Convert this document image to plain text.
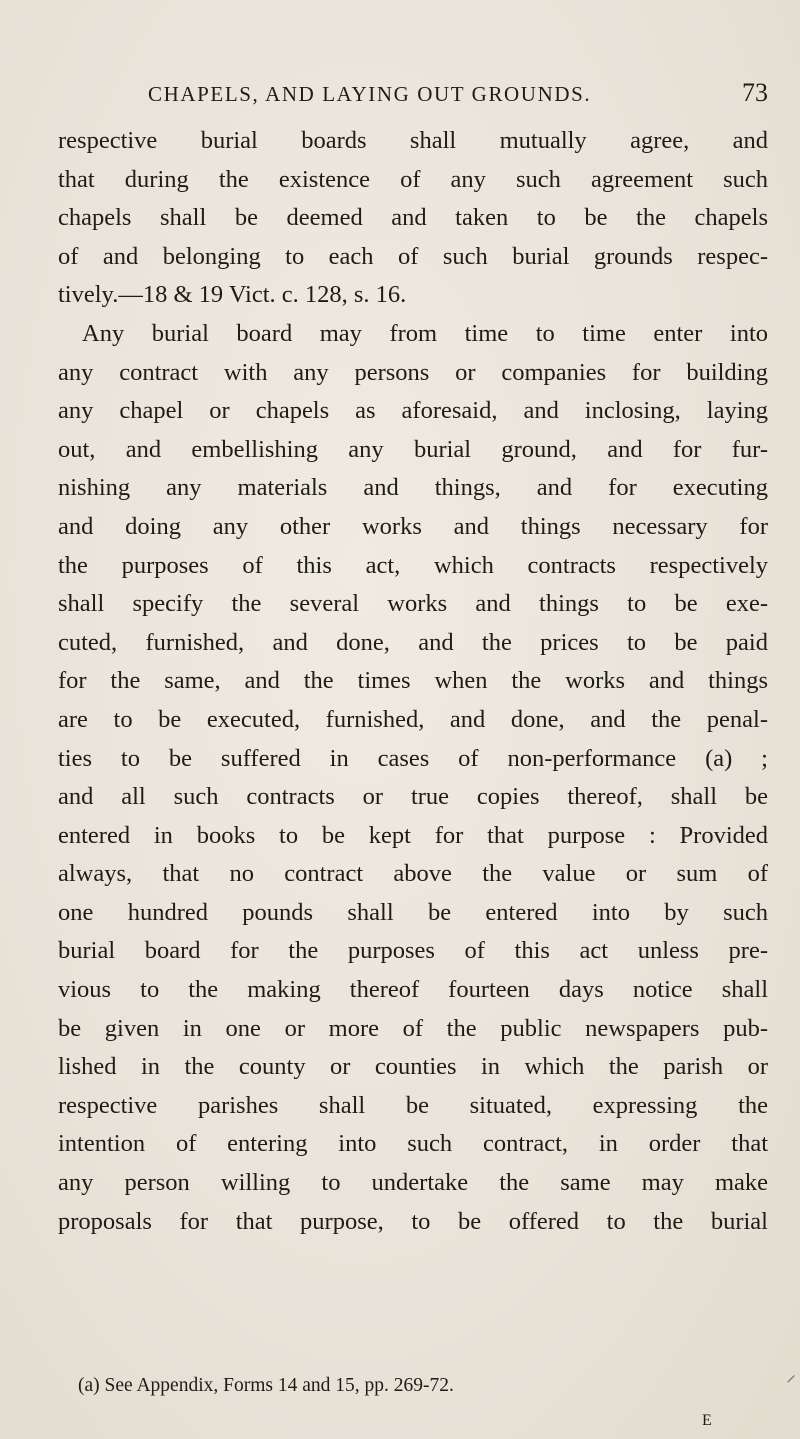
CHAPELS, AND LAYING OUT GROUNDS.	73
respective burial boards shall mutually agree, and
that during the existence of any such agreement such
chapels shall be deemed and taken to be the chapels
of and belonging to each of such burial grounds respec-
tively.—18 & 19 Vict. c. 128, s. 16.
Any burial board may from time to time enter into
any contract with any persons or companies for building
any chapel or chapels as aforesaid, and inclosing, laying
out, and embellishing any burial ground, and for fur-
nishing any materials and things, and for executing
and doing any other works and things necessary for
the purposes of this act, which contracts respectively
shall specify the several works and things to be exe-
cuted, furnished, and done, and the prices to be paid
for the same, and the times when the works and things
are to be executed, furnished, and done, and the penal-
ties to be suffered in cases of non-performance (a) ;
and all such contracts or true copies thereof, shall be
entered in books to be kept for that purpose : Provided
always, that no contract above the value or sum of
one hundred pounds shall be entered into by such
burial board for the purposes of this act unless pre-
vious to the making thereof fourteen days notice shall
be given in one or more of the public newspapers pub-
lished in the county or counties in which the parish or
respective parishes shall be situated, expressing the
intention of entering into such contract, in order that
any person willing to undertake the same may make
proposals for that purpose, to be offered to the burial
(a) See Appendix, Forms 14 and 15, pp. 269-72.
E
⸝
